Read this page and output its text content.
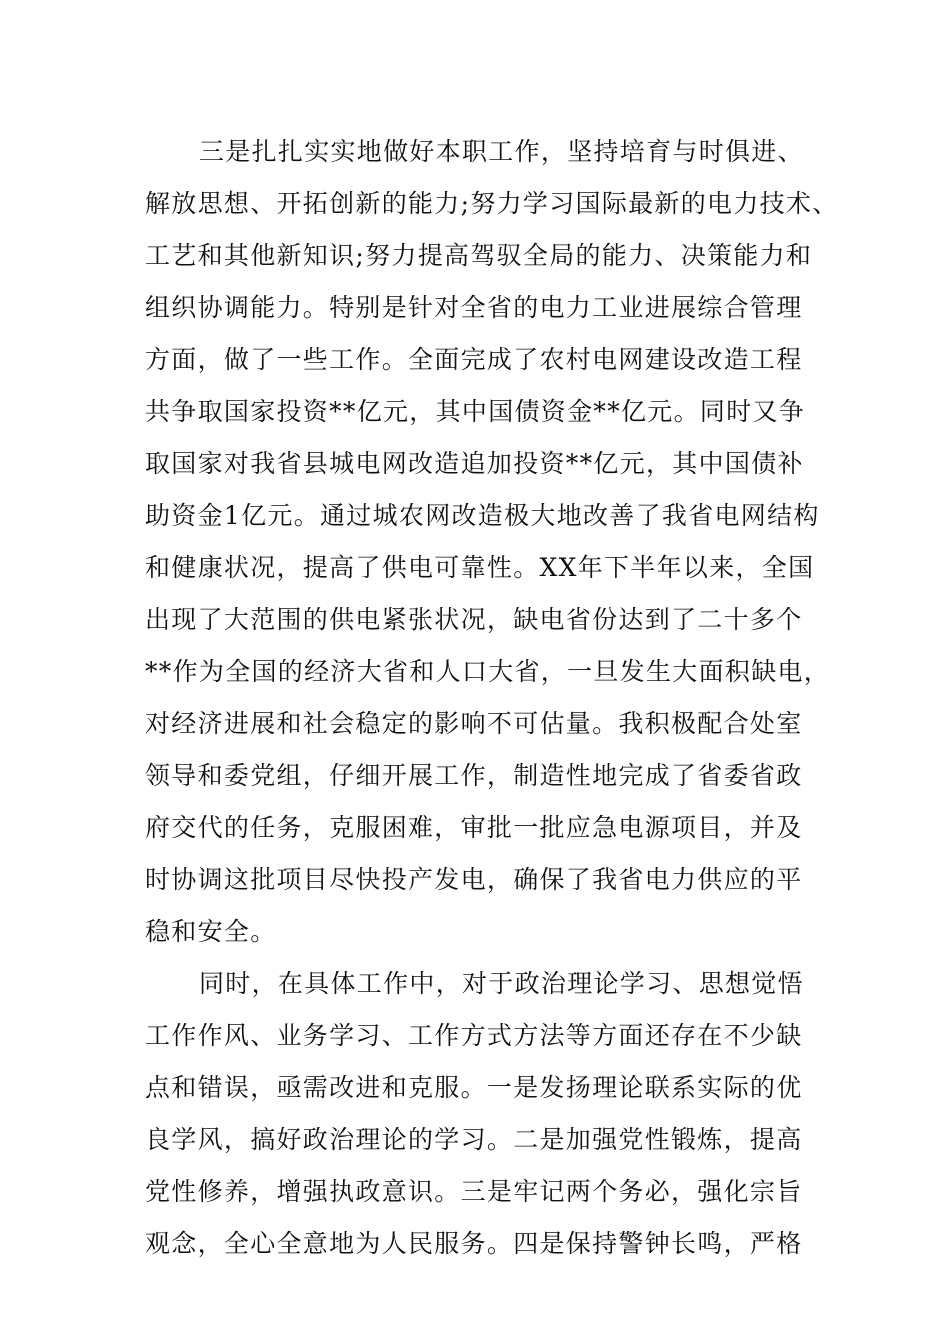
三是扎扎实实地做好本职工作，坚持培育与时俱进、
解放思想、开拓创新的能力;努力学习国际最新的电力技术、
工艺和其他新知识;努力提高驾驭全局的能力、决策能力和
组织协调能力。特别是针对全省的电力工业进展综合管理
方面，做了一些工作。全面完成了农村电网建设改造工程
共争取国家投资**亿元，其中国债资金**亿元。同时又争
取国家对我省县城电网改造追加投资**亿元，其中国债补
助资金1亿元。通过城农网改造极大地改善了我省电网结构
和健康状况，提高了供电可靠性。XX年下半年以来，全国
出现了大范围的供电紧张状况，缺电省份达到了二十多个
**作为全国的经济大省和人口大省，一旦发生大面积缺电，
对经济进展和社会稳定的影响不可估量。我积极配合处室
领导和委党组，仔细开展工作，制造性地完成了省委省政
府交代的任务，克服困难，审批一批应急电源项目，并及
时协调这批项目尽快投产发电，确保了我省电力供应的平
稳和安全。
同时，在具体工作中，对于政治理论学习、思想觉悟
工作作风、业务学习、工作方式方法等方面还存在不少缺
点和错误，亟需改进和克服。一是发扬理论联系实际的优
良学风，搞好政治理论的学习。二是加强党性锻炼，提高
党性修养，增强执政意识。三是牢记两个务必，强化宗旨
观念，全心全意地为人民服务。四是保持警钟长鸣，严格
